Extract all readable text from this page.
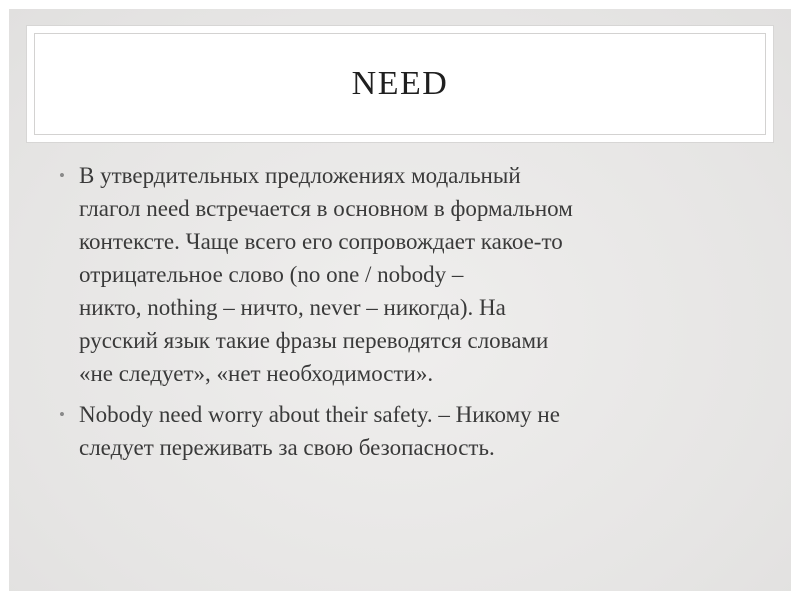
NEED
• В утвердительных предложениях модальный
глагол need встречается в основном в формальном
контексте. Чаще всего его сопровождает какое-то
отрицательное слово (no one / nobody –
никто, nothing – ничто, never – никогда). На
русский язык такие фразы переводятся словами
«не следует», «нет необходимости».
• Nobody need worry about their safety. – Никому не
следует переживать за свою безопасность.
